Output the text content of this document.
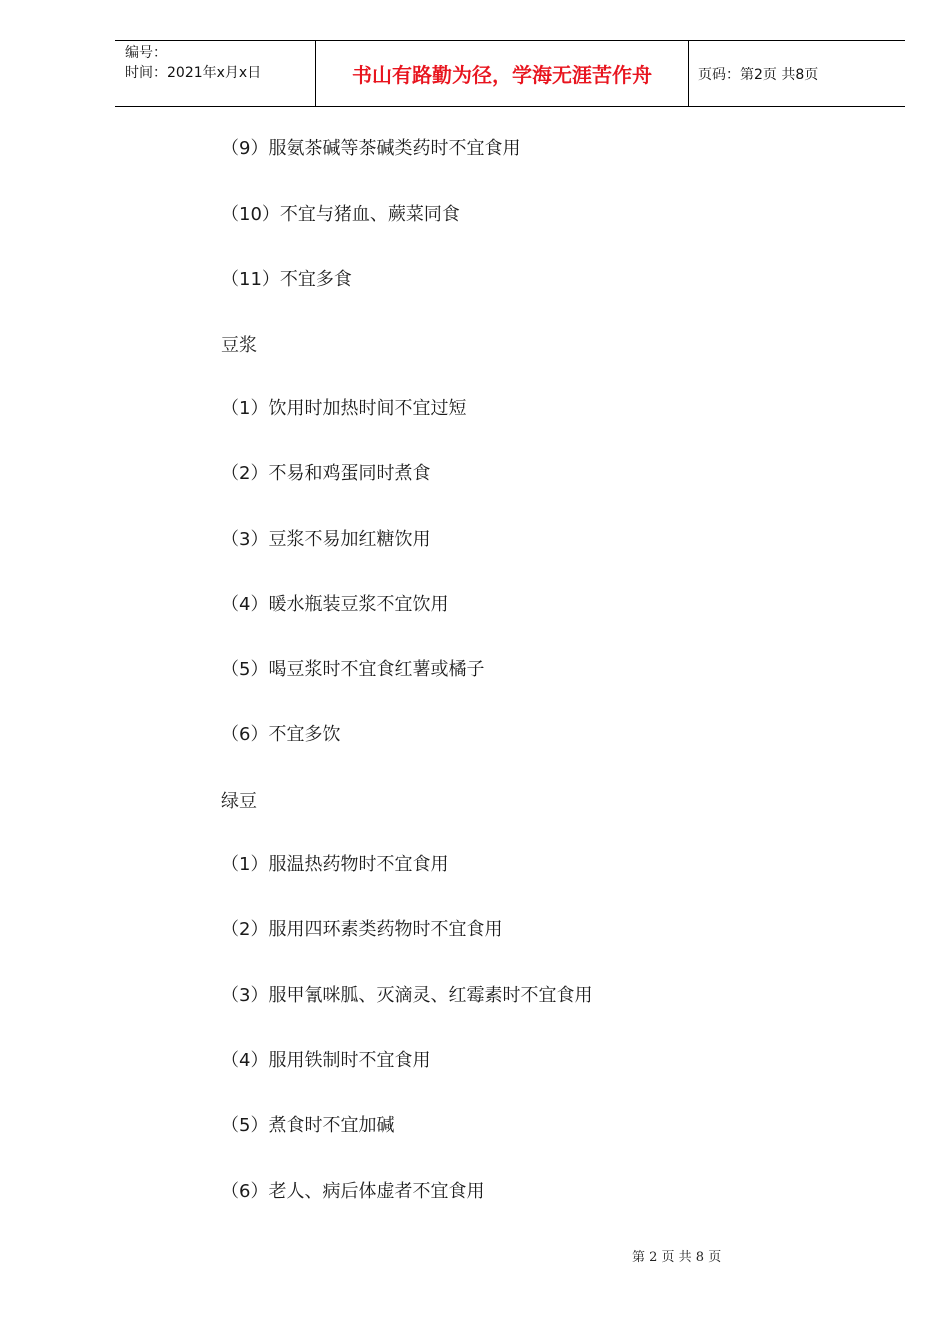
编号：
时间：2021年x月x日	书山有路勤为径，学海无涯苦作舟	页码：第2页 共8页
（9）服氨茶碱等茶碱类药时不宜食用
（10）不宜与猪血、蕨菜同食
（11）不宜多食
豆浆
（1）饮用时加热时间不宜过短
（2）不易和鸡蛋同时煮食
（3）豆浆不易加红糖饮用
（4）暖水瓶装豆浆不宜饮用
（5）喝豆浆时不宜食红薯或橘子
（6）不宜多饮
绿豆
（1）服温热药物时不宜食用
（2）服用四环素类药物时不宜食用
（3）服甲氰咪胍、灭滴灵、红霉素时不宜食用
（4）服用铁制时不宜食用
（5）煮食时不宜加碱
（6）老人、病后体虚者不宜食用
第 2 页 共 8 页
